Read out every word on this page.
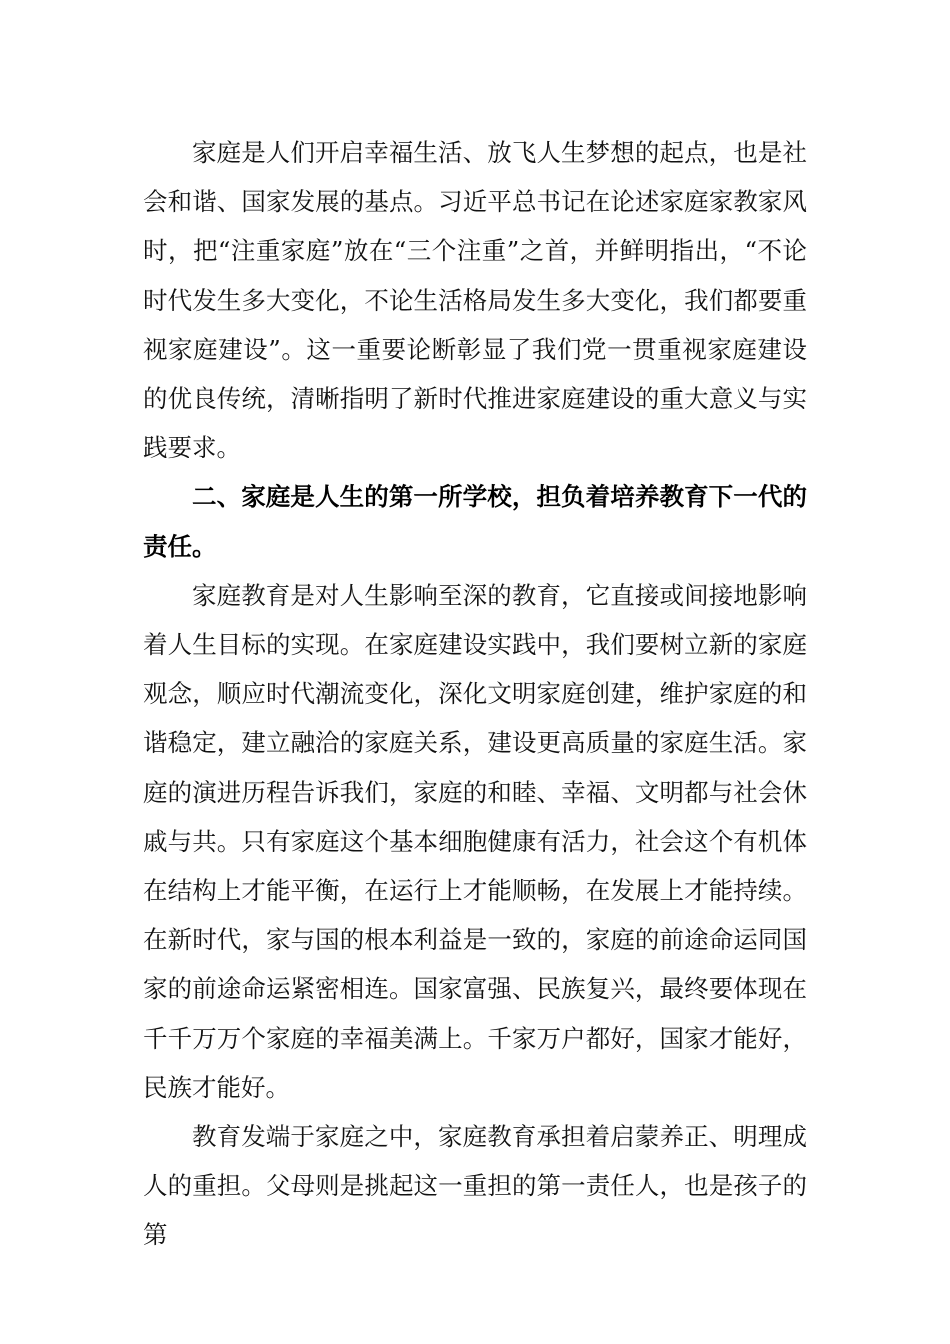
家庭是人们开启幸福生活、放飞人生梦想的起点，也是社会和谐、国家发展的基点。习近平总书记在论述家庭家教家风时，把“注重家庭”放在“三个注重”之首，并鲜明指出，“不论时代发生多大变化，不论生活格局发生多大变化，我们都要重视家庭建设”。这一重要论断彰显了我们党一贯重视家庭建设的优良传统，清晰指明了新时代推进家庭建设的重大意义与实践要求。

二、家庭是人生的第一所学校，担负着培养教育下一代的责任。

家庭教育是对人生影响至深的教育，它直接或间接地影响着人生目标的实现。在家庭建设实践中，我们要树立新的家庭观念，顺应时代潮流变化，深化文明家庭创建，维护家庭的和谐稳定，建立融洽的家庭关系，建设更高质量的家庭生活。家庭的演进历程告诉我们，家庭的和睦、幸福、文明都与社会休戚与共。只有家庭这个基本细胞健康有活力，社会这个有机体在结构上才能平衡，在运行上才能顺畅，在发展上才能持续。在新时代，家与国的根本利益是一致的，家庭的前途命运同国家的前途命运紧密相连。国家富强、民族复兴，最终要体现在千千万万个家庭的幸福美满上。千家万户都好，国家才能好，民族才能好。

教育发端于家庭之中，家庭教育承担着启蒙养正、明理成人的重担。父母则是挑起这一重担的第一责任人，也是孩子的第
